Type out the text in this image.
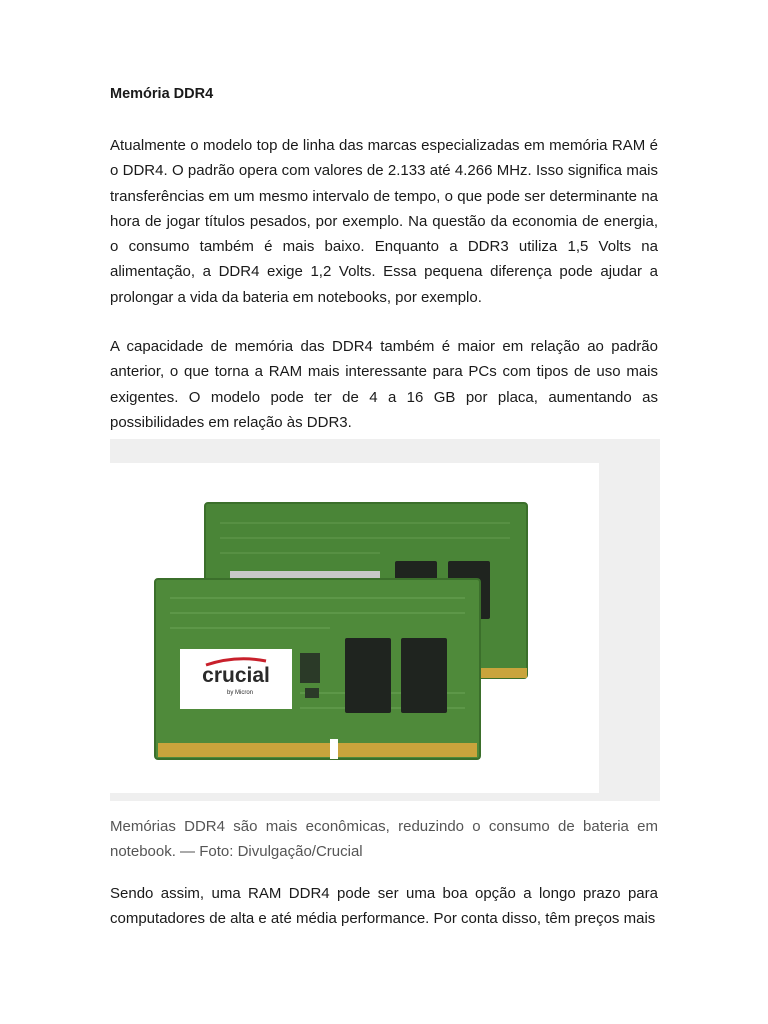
Memória DDR4

Atualmente o modelo top de linha das marcas especializadas em memória RAM é o DDR4. O padrão opera com valores de 2.133 até 4.266 MHz. Isso significa mais transferências em um mesmo intervalo de tempo, o que pode ser determinante na hora de jogar títulos pesados, por exemplo. Na questão da economia de energia, o consumo também é mais baixo. Enquanto a DDR3 utiliza 1,5 Volts na alimentação, a DDR4 exige 1,2 Volts. Essa pequena diferença pode ajudar a prolongar a vida da bateria em notebooks, por exemplo.

A capacidade de memória das DDR4 também é maior em relação ao padrão anterior, o que torna a RAM mais interessante para PCs com tipos de uso mais exigentes. O modelo pode ter de 4 a 16 GB por placa, aumentando as possibilidades em relação às DDR3.

crucial
by Micron

Memórias DDR4 são mais econômicas, reduzindo o consumo de bateria em notebook. — Foto: Divulgação/Crucial

Sendo assim, uma RAM DDR4 pode ser uma boa opção a longo prazo para computadores de alta e até média performance. Por conta disso, têm preços mais
